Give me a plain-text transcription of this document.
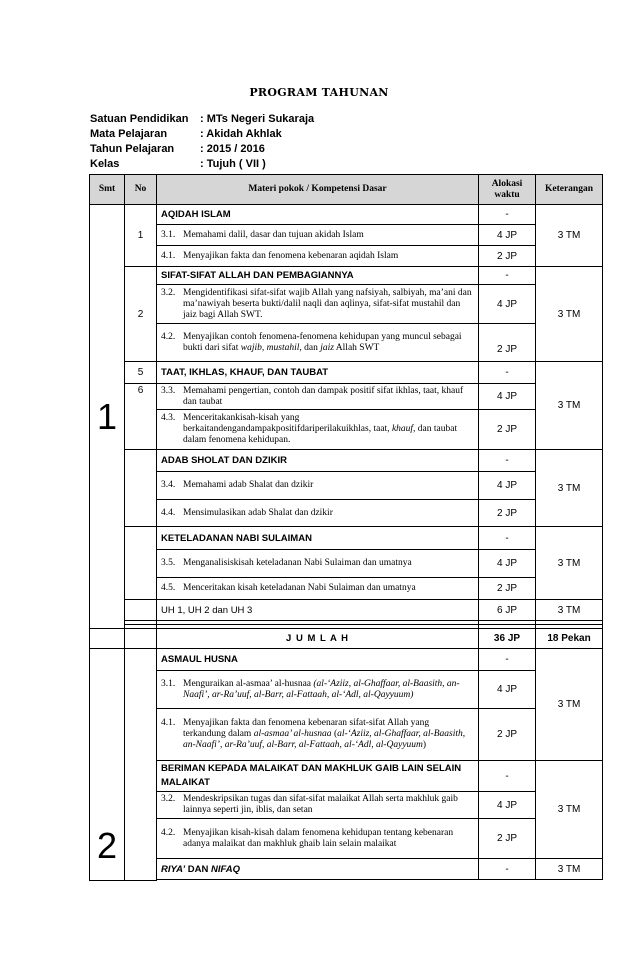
PROGRAM TAHUNAN
Satuan Pendidikan	: MTs Negeri Sukaraja
Mata Pelajaran	: Akidah Akhlak
Tahun Pelajaran	: 2015 / 2016
Kelas	: Tujuh ( VII )
Smt	No	Materi pokok / Kompetensi Dasar	Alokasi waktu	Keterangan
1	1	AQIDAH ISLAM	-	3 TM

		3.1. Memahami dalil, dasar dan tujuan akidah Islam	4 JP	

		4.1. Menyajikan fakta dan fenomena kebenaran aqidah Islam	2 JP	
	2	SIFAT-SIFAT ALLAH DAN PEMBAGIANNYA	-	3 TM

		3.2. Mengidentifikasi sifat-sifat wajib Allah yang nafsiyah, salbiyah, ma’ani dan ma’nawiyah beserta bukti/dalil naqli dan aqlinya, sifat-sifat mustahil dan jaiz bagi Allah SWT.	4 JP	

		4.2. Menyajikan contoh fenomena-fenomena kehidupan yang muncul sebagai bukti dari sifat wajib, mustahil, dan jaiz Allah SWT	2 JP	
	5	TAAT, IKHLAS, KHAUF, DAN TAUBAT	-	3 TM
	6	3.3. Memahami pengertian, contoh dan dampak positif sifat ikhlas, taat, khauf dan taubat	4 JP	

		4.3. Menceritakankisah-kisah yang berkaitandengandampakpositifdariperilakuikhlas, taat, khauf, dan taubat dalam fenomena kehidupan.	2 JP	
		ADAB SHOLAT DAN DZIKIR	-	3 TM

		3.4. Memahami adab Shalat dan dzikir	4 JP	

		4.4. Mensimulasikan adab Shalat dan dzikir	2 JP	
		KETELADANAN NABI SULAIMAN	-	3 TM

		3.5. Menganalisiskisah keteladanan Nabi Sulaiman dan umatnya	4 JP	

		4.5. Menceritakan kisah keteladanan Nabi Sulaiman dan umatnya	2 JP	
		UH 1, UH 2 dan UH 3	6 JP	3 TM

		J U M L A H	36 JP	18 Pekan
2		ASMAUL HUSNA	-	3 TM

		3.1. Menguraikan al-asmaa’ al-husnaa (al-‘Aziiz, al-Ghaffaar, al-Baasith, an-Naafi’, ar-Ra’uuf, al-Barr, al-Fattaah, al-‘Adl, al-Qayyuum)	4 JP	

		4.1. Menyajikan fakta dan fenomena kebenaran sifat-sifat Allah yang terkandung dalam al-asmaa’ al-husnaa (al-‘Aziiz, al-Ghaffaar, al-Baasith, an-Naafi’, ar-Ra’uuf, al-Barr, al-Fattaah, al-‘Adl, al-Qayyuum)	2 JP	
		BERIMAN KEPADA MALAIKAT DAN MAKHLUK GAIB LAIN SELAIN MALAIKAT	-	3 TM

		3.2. Mendeskripsikan tugas dan sifat-sifat malaikat Allah serta makhluk gaib lainnya seperti jin, iblis, dan setan	4 JP	

		4.2. Menyajikan kisah-kisah dalam fenomena kehidupan tentang kebenaran adanya malaikat dan makhluk ghaib lain selain malaikat	2 JP	
		RIYA’ DAN NIFAQ	-	3 TM
